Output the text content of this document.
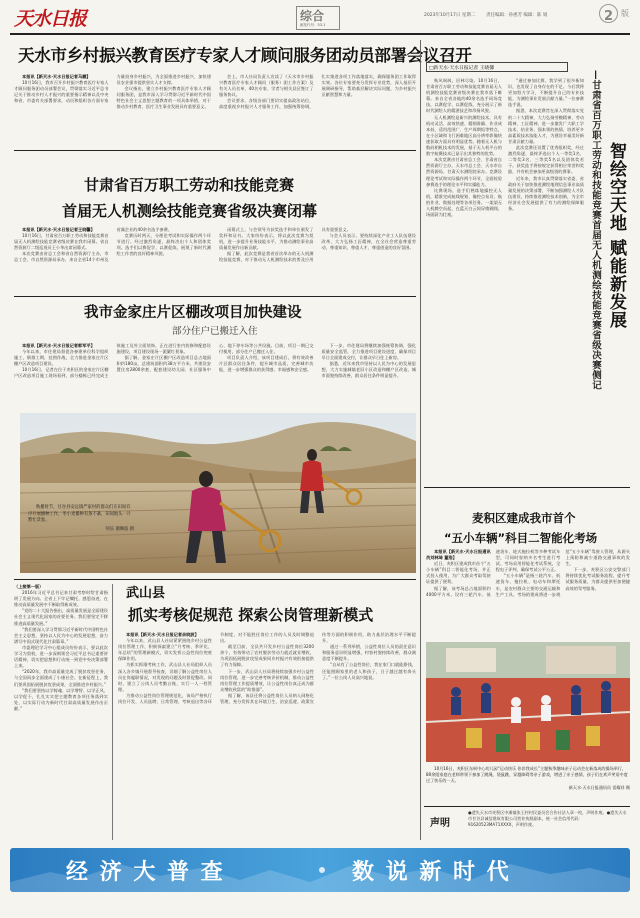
天水日报	综合
邮发代号：53-1
2023年10月17日 星期二 责任编辑：孙惠芳 编辑：陈 娟	2 版
天水市乡村振兴教育医疗专家人才顾问服务团动员部署会议召开

本报讯【新天水·天水日报记者马鹏】

10月16日，我市召开乡村振兴教育医疗专家人才顾问服务团动员部署会议，贯彻落实习近平总书记关于推动乡村人才振兴的重要指示精神以及中央和省、市委有关部署要求，动员和组织各方面专家力量投身乡村振兴，为全面推进乡村振兴、加快建设农业强市提供坚实人才支撑。

会议指出，建立乡村振兴教育医疗专家人才顾问服务团，是我市深入学习贯彻习近平新时代中国特色社会主义思想主题教育的一项具体举措，对于推动乡村教育、医疗卫生事业发展具有重要意义。

会上，市人社局负责人宣读了《天水市乡村振兴教育医疗专家人才顾问（服务）团工作方案》及有关人员名单，40名专家、学者与相关县区签订了服务协议。

会议要求，各级各部门要切实提高政治站位，高度重视乡村振兴人才服务工作，加强统筹协调，扎实推进各项工作落地落实，确保服务团工作取得实效。各位专家要充分发挥专业优势，深入基层开展调研指导，帮助基层解决实际问题，为乡村振兴贡献智慧和力量。

甘肃省百万职工劳动和技能竞赛
首届无人机测绘技能竞赛省级决赛闭幕

本报讯【新天水·天水日报记者王晓馨】

10月16日，甘肃省百万职工劳动和技能竞赛首届无人机测绘技能竞赛省级决赛在我市闭幕。省自然资源厅二级巡视员王小华出席闭幕式。

本次竞赛由省总工会和省自然资源厅主办，市总工会、市自然资源局承办，来自全省14个市州及省属企业的40余名选手参赛。

竞赛历时两天，分理论考试和实际操作两个环节进行。经过激烈角逐，最终决出个人和团体奖项。选手们以赛促学、以赛促练，展现了新时代测绘工作者的良好精神风貌。

闭幕式上，与会领导为获奖选手和单位颁发了奖杯和证书。大家纷纷表示，将以此次竞赛为契机，进一步提升业务技能水平，为推动测绘事业高质量发展作出新贡献。

据了解，此次竞赛是我省首次举办的无人机测绘技能竞赛，对于推动无人机测绘技术的普及应用具有重要意义。

与会人员表示，要持续深化产业工人队伍建设改革，大力弘扬工匠精神，在全社会营造尊重劳动、尊重知识、尊重人才、尊重创造的良好氛围。

我市金家庄片区棚改项目加快建设
部分住户已搬迁入住

本报讯【新天水·天水日报记者郭军平】

今年以来，市住建局督促各参建单位科学组织施工，倒排工期，挂图作战，全力推进金家庄片区棚户区改造项目建设。

10月16日，记者在位于麦积区的金家庄片区棚户区改造项目施工现场看到，部分楼栋已经完成主体施工及外立面装饰，正在进行室内装修和配套设施建设，项目建设现场一派繁忙景象。

据了解，金家庄片区棚户区改造项目总占地面积约180亩，总建筑面积约38万平方米，共建设安置住房2800余套，配套建设幼儿园、社区服务中心、地下停车场等公共设施。目前，项目一期已交付使用，部分住户已搬迁入住。

项目负责人介绍，该项目建成后，将有效改善片区群众居住条件，提升城市品质，完善城市功能，进一步增强群众的获得感、幸福感和安全感。

下一步，市住建局将继续加强统筹协调，强化质量安全监管，全力推进项目建设进度，确保项目早日全面建成交付，让群众早日住上新房。

据悉，近年来我市坚持以人民为中心的发展思想，大力实施城镇老旧小区改造和棚户区改造，城市面貌持续改善，群众居住条件明显提升。

秋播时节，甘谷县安远镇严家村的群众们在田间有序开展播种工作，冬小麦播种有条不紊，田间地头一片繁忙景象。
何乐 谢琳波 摄

（上接第一版）

2016年习近平总书记来甘肃考察时给甘肃指明了发展方向。全省上下牢记嘱托、感恩奋进，在推动高质量发展中不断取得新成效。

“党的二十大报告指出，高质量发展是全面建设社会主义现代化国家的首要任务。我们要坚定不移推进高质量发展。”

“我们要深入学习贯彻习近平新时代中国特色社会主义思想，坚持以人民为中心的发展思想，奋力谱写中国式现代化甘肃篇章。”

市委理论学习中心组成员纷纷表示，要以此次学习为契机，进一步深刻领会习近平总书记重要讲话精神，切实把思想和行动统一到党中央决策部署上来。

“2020年，我市高质量完成了脱贫攻坚任务，与全国同步全面建成了小康社会。在新征程上，我们要巩固拓展脱贫攻坚成果，全面推进乡村振兴。”

“我们要坚持以学铸魂、以学增智、以学正风、以学促干，扎扎实实把主题教育各项任务落到实处，以实际行动为新时代甘肃高质量发展作出贡献。”

武山县
抓实考核促规范 探索公岗管理新模式

本报讯【新天水·天水日报记者余晓波】

今年以来，武山县人社局紧紧围绕乡村公益性岗位管理工作，积极探索建立“月考核、季评比、年总结”的管理新模式，切实发挥公益性岗位兜底保障作用。

为抓实抓细考核工作，武山县人社局组织人员深入各乡镇开展督导检查，详细了解公益性岗位人员在岗履职情况，对发现的问题及时督促整改。同时，建立了公岗人员考勤台账，实行一人一档管理。

为推动公益性岗位管理规范化，该局严格执行岗位开发、人员选聘、日常管理、考核退出等各环节制度，对不能胜任岗位工作的人员及时调整退出。

截至目前，全县共开发乡村公益性岗位3200余个，有效带动了农村脱贫劳动力就近就业增收，为巩固拓展脱贫攻坚成果同乡村振兴有效衔接提供了有力保障。

下一步，武山县人社局将持续加强乡村公益性岗位管理，进一步完善考核评价机制，推动公益性岗位管理工作提质增效，让公益性岗位真正成为群众增收致富的“助推器”。

据了解，该县还将公益性岗位人员纳入网格化管理，充分发挥其在环境卫生、治安巡逻、政策宣传等方面的积极作用，助力基层治理水平不断提升。

通过一系列举措，公益性岗位人员的责任意识和服务意识明显增强，村容村貌持续改善，群众满意度不断提升。

“自从有了公益性岗位，我在家门口就能挣钱，还能照顾家里的老人和孩子，日子越过越有奔头了。”一位公岗人员高兴地说。

□新天水·天水日报记者 王晓馨

秋风飒飒，层林尽染。10月16日，甘肃省百万职工劳动和技能竞赛首届无人机测绘技能竞赛省级决赛在我市落下帷幕。来自全省各地的40余名选手同场竞技，以赛促学、以赛促练，充分展示了新时代测绘人的精湛技艺和昂扬风貌。

无人机测绘是新兴的测绘技术，具有机动灵活、高效快速、精细准确、作业成本低、适用范围广、生产周期短等特点，在小区域和飞行困难地区高分辨率影像快速获取方面具有明显优势。随着无人机与数码相机技术的发展，基于无人机平台的数字航摄技术已显示出其独特的优势。

本次竞赛由甘肃省总工会、甘肃省自然资源厅主办，天水市总工会、天水市自然资源局、甘肃天水测绘院承办。竞赛设理论考试和实际操作两个环节，全面检验参赛选手的理论水平和实操能力。

比赛现场，选手们熟练地操控无人机，精准完成航线规划、像控点布设、航拍作业、数据处理等各项任务。一架架无人机腾空而起，在蓝天白云间穿梭翱翔，场面蔚为壮观。

“通过参加比赛，我学到了很多新知识，也发现了自身存在的不足。今后我将更加努力学习，不断提升自己的专业技能，为测绘事业发展贡献力量。”一位参赛选手说。

据悉，本次竞赛旨在深入贯彻落实党的二十大精神，大力弘扬劳模精神、劳动精神、工匠精神，进一步激发广大职工学技术、钻业务、强本领的热情，培养更多高素质技术技能人才，为建设幸福美好新甘肃贡献力量。

此次竞赛还设置了优秀组织奖，经过激烈角逐，最终评选出个人一等奖1名、二等奖3名、三等奖5名以及团体奖若干。获奖选手将按规定获得相应荣誉和奖励，并有机会参加更高级别的赛事。

近年来，我市认真贯彻落实省委、省政府关于加快推进测绘地理信息事业高质量发展的决策部署，不断加强测绘人才队伍建设，持续推进测绘技术创新，为全市经济社会发展提供了有力的测绘保障服务。	—甘肃省百万职工劳动和技能竞赛首届无人机测绘技能竞赛省级决赛侧记 智绘空天地 赋能新发展
麦积区建成我市首个
“五小车辆”科目二智能化考场

本报讯【新天水·天水日报通讯员刘林琦 董浩】

近日，麦积区建成我市首个“五小车辆”科目二智能化考场，并正式投入使用，为广大群众考取驾驶证提供了便利。

据了解，该考场总占地面积约4000平方米，设有三轮汽车、低速货车、轮式拖拉机等多种考试车型，可同时容纳多名考生进行考试。考场采用智能化考试系统，全程电子评判，确保考试公平公正。

“五小车辆”是指三轮汽车、低速货车、拖拉机、电动车和摩托车，是农村群众主要的交通运输和生产工具。考场的建成将进一步规范“五小车辆”驾驶人管理，从源头上预防和减少道路交通事故的发生。

下一步，麦积区公安交警部门将持续优化考试服务流程，提升考试服务质量，为群众提供更加便捷高效的驾考服务。

10月16日，麦积区东柯中心幼儿园“运动快乐 你伴我成长”主题秋季趣味亲子运动会在新落成的操场举行，80余组家庭在老师带领下参加了跳绳、袋鼠跳、穿越障碍等亲子游戏，增进了亲子感情，孩子们在欢声笑语中度过了快乐的一天。
新天水·天水日报通讯员 雷耀祥 摄
声明
●遗失天水市麦积区中滩镇张王村村民委员会合作社法人章一枚，声明作废。●遗失天水市甘谷县诚信建筑有限公司营业执照副本，统一社会信用代码：91620523MA71XXXX，声明作废。
经 济 大 普 查	数 说 新 时 代
